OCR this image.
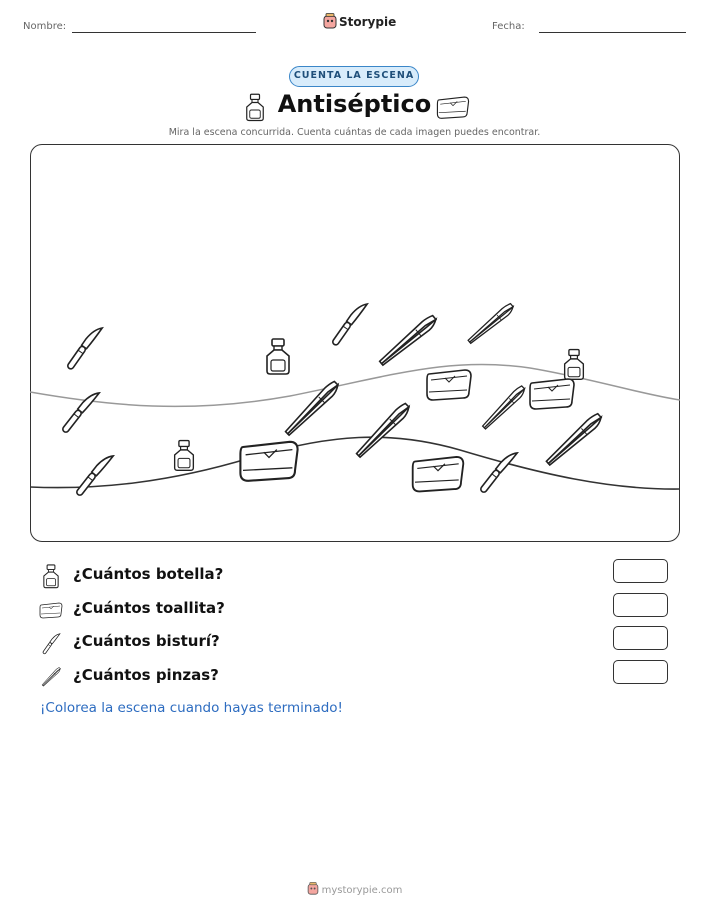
Nombre:	Storypie	Fecha:
CUENTA LA ESCENA
Antiséptico
Mira la escena concurrida. Cuenta cuántas de cada imagen puedes encontrar.
¿Cuántos botella?
¿Cuántos toallita?
¿Cuántos bisturí?
¿Cuántos pinzas?
¡Colorea la escena cuando hayas terminado!
mystorypie.com
